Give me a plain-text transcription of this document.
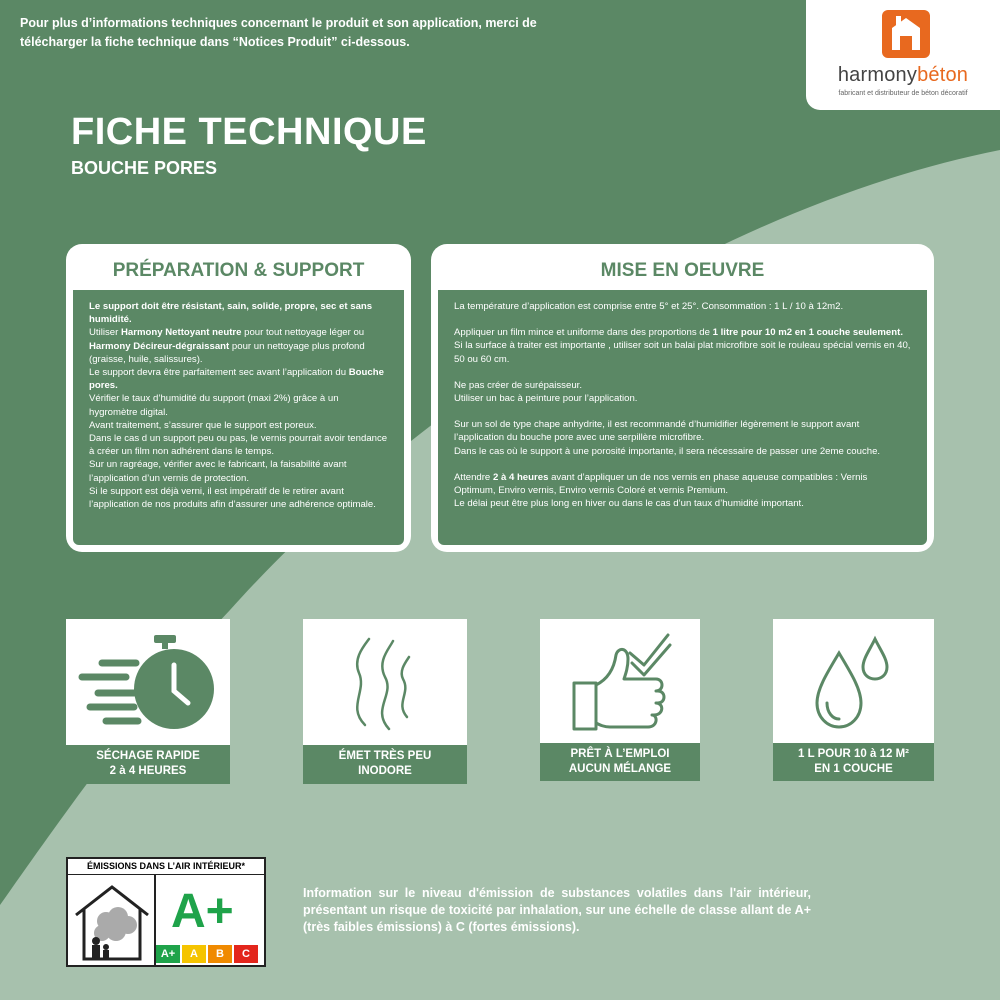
Pour plus d’informations techniques concernant le produit et son application, merci de télécharger la fiche technique dans “Notices Produit” ci-dessous.
harmonybéton
fabricant et distributeur de béton décoratif
FICHE TECHNIQUE
BOUCHE PORES
PRÉPARATION & SUPPORT

Le support doit être résistant, sain, solide, propre, sec et sans humidité.

Utiliser Harmony Nettoyant neutre pour tout nettoyage léger ou Harmony Décireur-dégraissant pour un nettoyage plus profond (graisse, huile, salissures).

Le support devra être parfaitement sec avant l’application du Bouche pores.

Vérifier le taux d’humidité du support (maxi 2%) grâce à un hygromètre digital.

Avant traitement, s’assurer que le support est poreux.

Dans le cas d un support peu ou pas, le vernis pourrait avoir tendance à créer un film non adhérent dans le temps.

Sur un ragréage, vérifier avec le fabricant, la faisabilité avant l’application d’un vernis de protection.

Si le support est déjà verni, il est impératif de le retirer avant l’application de nos produits afin d’assurer une adhérence optimale.

MISE EN OEUVRE

La température d’application est comprise entre 5° et 25°. Consommation : 1 L / 10 à 12m2.

Appliquer un film mince et uniforme dans des proportions de 1 litre pour 10 m2 en 1 couche seulement. Si la surface à traiter est importante , utiliser soit un balai plat microfibre soit le rouleau spécial vernis en 40, 50 ou 60 cm.

Ne pas créer de surépaisseur.

Utiliser un bac à peinture pour l’application.

Sur un sol de type chape anhydrite, il est recommandé d’humidifier légèrement le support avant l’application du bouche pore avec une serpillère microfibre.

Dans le cas où le support à une porosité importante, il sera nécessaire de passer une 2eme couche.

Attendre 2 à 4 heures avant d’appliquer un de nos vernis en phase aqueuse compatibles : Vernis Optimum, Enviro vernis, Enviro vernis Coloré et vernis Premium.

Le délai peut être plus long en hiver ou dans le cas d’un taux d’humidité important.

SÉCHAGE RAPIDE
2 à 4 HEURES
ÉMET TRÈS PEU
INODORE
PRÊT À L’EMPLOI
AUCUN MÉLANGE
1 L POUR 10 à 12 M²
EN 1 COUCHE
ÉMISSIONS DANS L’AIR INTÉRIEUR*
A+
A+	A	B	C
Information sur le niveau d'émission de substances volatiles dans l'air intérieur, présentant un risque de toxicité par inhalation, sur une échelle de classe allant de A+ (très faibles émissions) à C (fortes émissions).
